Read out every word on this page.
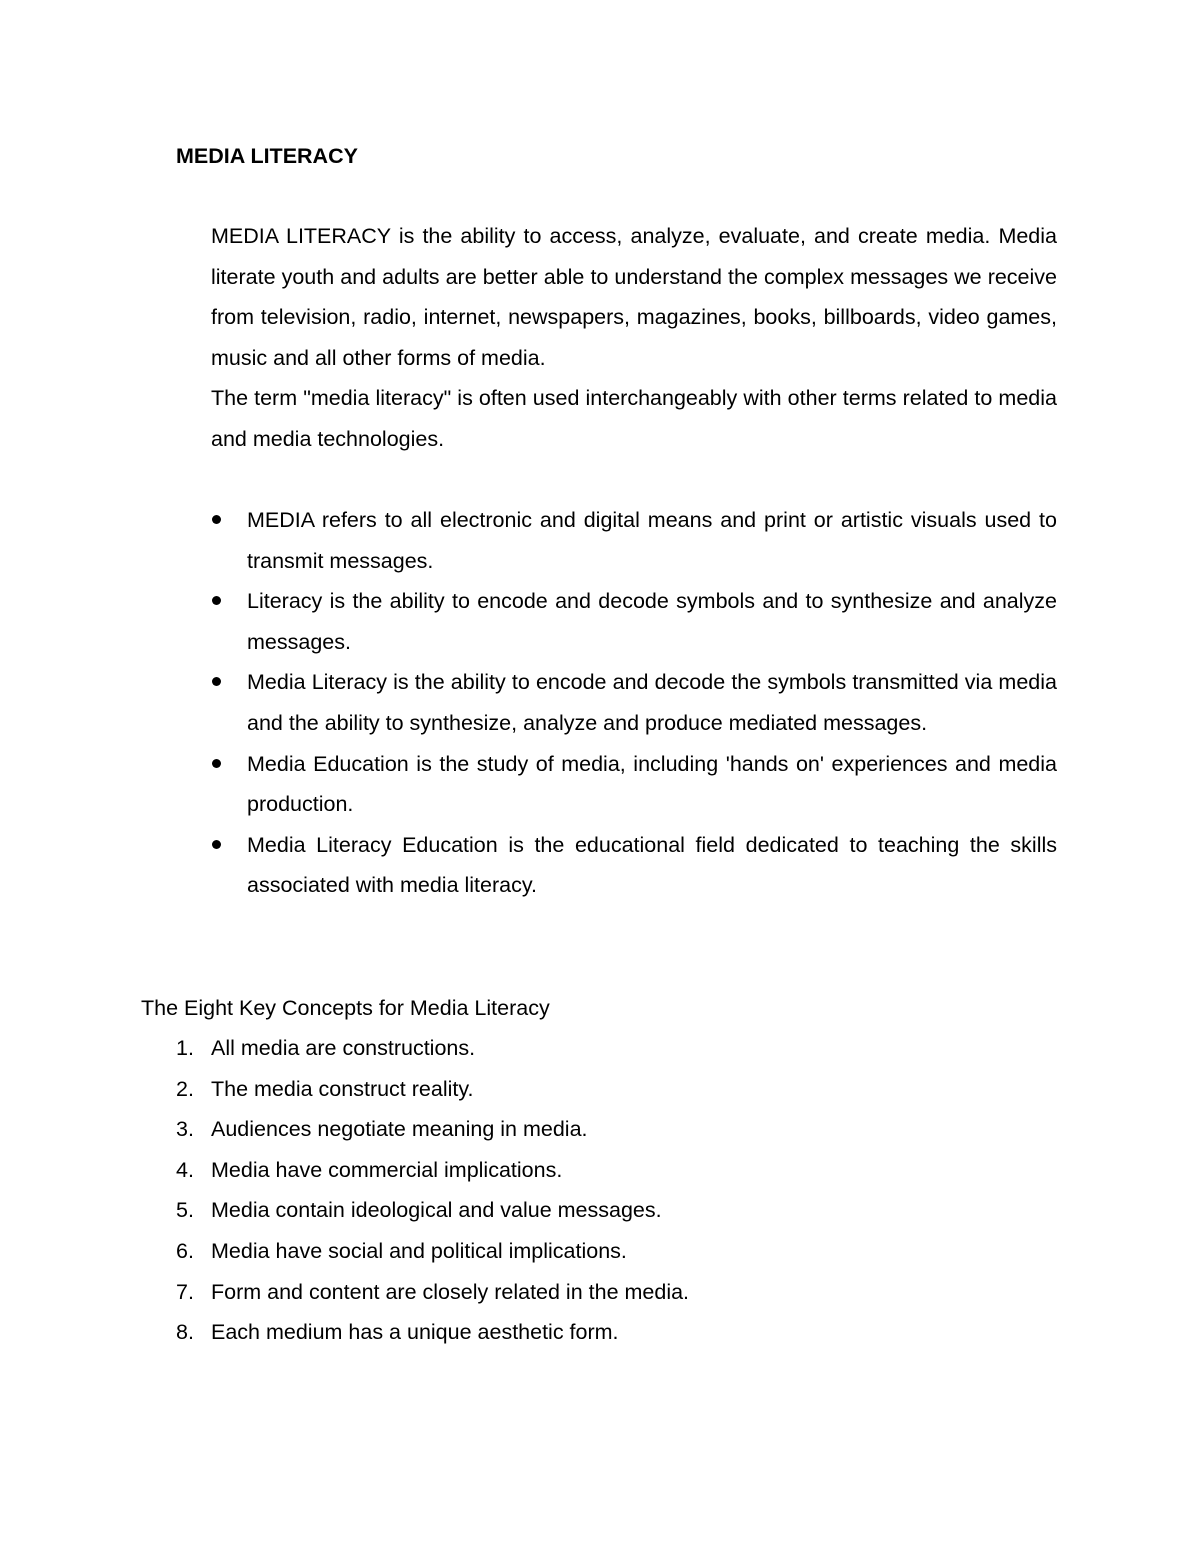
MEDIA LITERACY

MEDIA LITERACY is the ability to access, analyze, evaluate, and create media. Media literate youth and adults are better able to understand the complex messages we receive from television, radio, internet, newspapers, magazines, books, billboards, video games, music and all other forms of media.

The term "media literacy" is often used interchangeably with other terms related to media and media technologies.

MEDIA refers to all electronic and digital means and print or artistic visuals used to transmit messages.
Literacy is the ability to encode and decode symbols and to synthesize and analyze messages.
Media Literacy is the ability to encode and decode the symbols transmitted via media and the ability to synthesize, analyze and produce mediated messages.
Media Education is the study of media, including 'hands on' experiences and media production.
Media Literacy Education is the educational field dedicated to teaching the skills associated with media literacy.
The Eight Key Concepts for Media Literacy
1. All media are constructions.
2. The media construct reality.
3. Audiences negotiate meaning in media.
4. Media have commercial implications.
5. Media contain ideological and value messages.
6. Media have social and political implications.
7. Form and content are closely related in the media.
8. Each medium has a unique aesthetic form.
